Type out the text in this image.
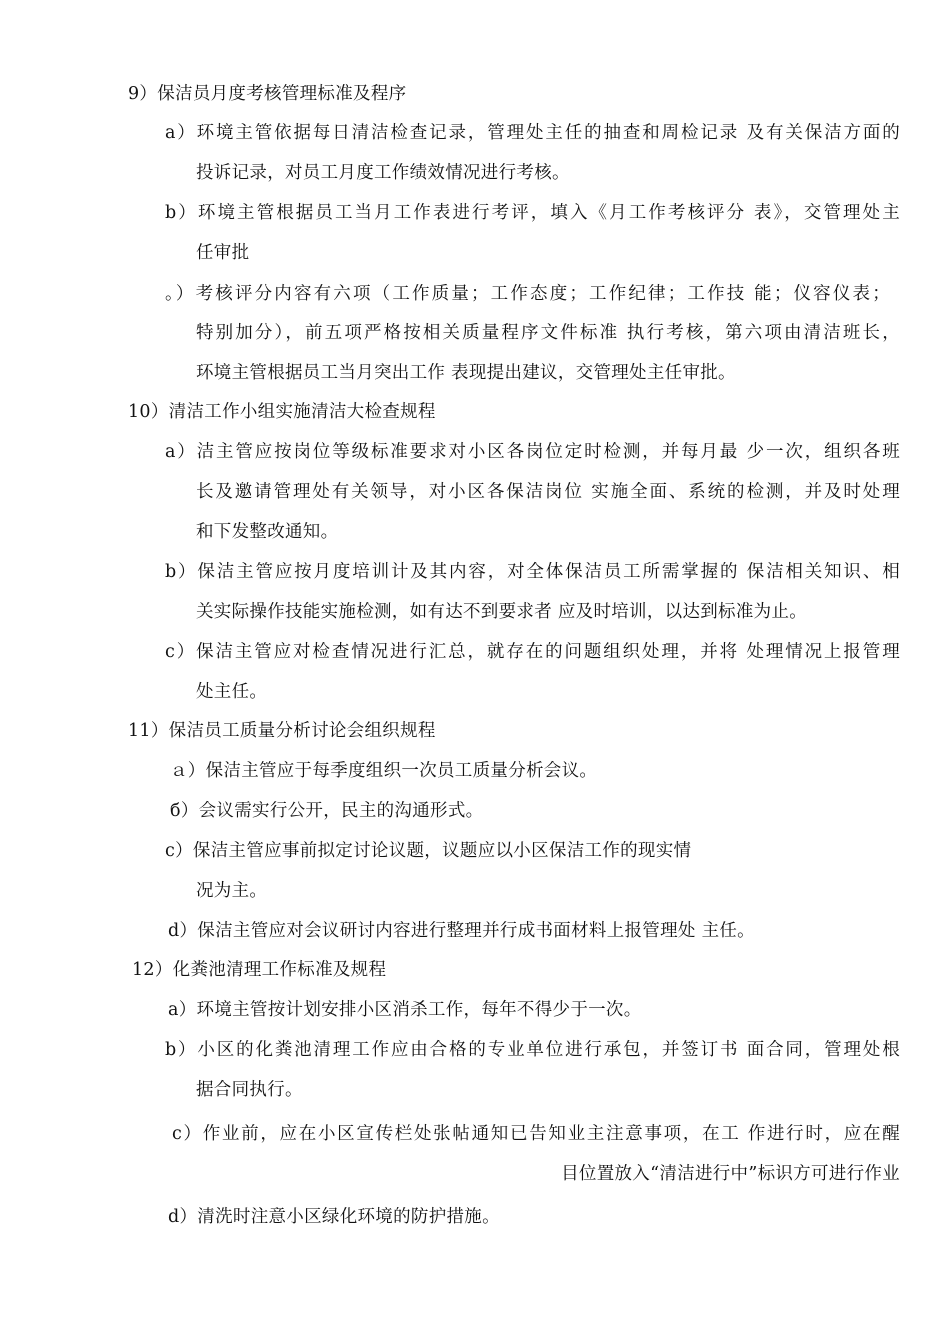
9）保洁员月度考核管理标准及程序
a）环境主管依据每日清洁检查记录，管理处主任的抽查和周检记录 及有关保洁方面的
投诉记录，对员工月度工作绩效情况进行考核。
b）环境主管根据员工当月工作表进行考评，填入《月工作考核评分 表》，交管理处主
任审批
。）考核评分内容有六项（工作质量；工作态度；工作纪律；工作技 能；仪容仪表；
特别加分），前五项严格按相关质量程序文件标准 执行考核，第六项由清洁班长，
环境主管根据员工当月突出工作 表现提出建议，交管理处主任审批。
10）清洁工作小组实施清洁大检查规程
a）洁主管应按岗位等级标准要求对小区各岗位定时检测，并每月最 少一次，组织各班
长及邀请管理处有关领导，对小区各保洁岗位 实施全面、系统的检测，并及时处理
和下发整改通知。
b）保洁主管应按月度培训计及其内容，对全体保洁员工所需掌握的 保洁相关知识、相
关实际操作技能实施检测，如有达不到要求者 应及时培训，以达到标准为止。
c）保洁主管应对检查情况进行汇总，就存在的问题组织处理，并将 处理情况上报管理
处主任。
11）保洁员工质量分析讨论会组织规程
ａ）保洁主管应于每季度组织一次员工质量分析会议。
б）会议需实行公开，民主的沟通形式。
c）保洁主管应事前拟定讨论议题，议题应以小区保洁工作的现实情
况为主。
d）保洁主管应对会议研讨内容进行整理并行成书面材料上报管理处 主任。
12）化粪池清理工作标准及规程
a）环境主管按计划安排小区消杀工作，每年不得少于一次。
b）小区的化粪池清理工作应由合格的专业单位进行承包，并签订书 面合同，管理处根
据合同执行。
c）作业前，应在小区宣传栏处张帖通知已告知业主注意事项，在工 作进行时，应在醒
目位置放入“清洁进行中”标识方可进行作业
d）清洗时注意小区绿化环境的防护措施。
